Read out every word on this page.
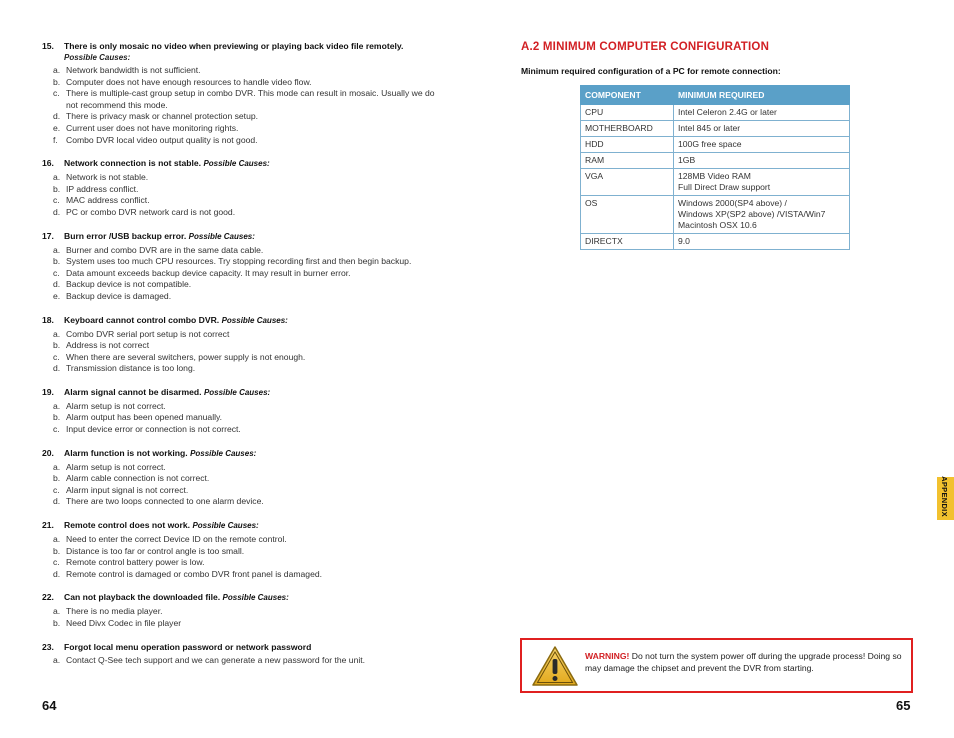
15. There is only mosaic no video when previewing or playing back video file remotely.
Possible Causes:
a. Network bandwidth is not sufficient.
b. Computer does not have enough resources to handle video flow.
c. There is multiple-cast group setup in combo DVR. This mode can result in mosaic. Usually we do not recommend this mode.
d. There is privacy mask or channel protection setup.
e. Current user does not have monitoring rights.
f. Combo DVR local video output quality is not good.
16. Network connection is not stable. Possible Causes:
a. Network is not stable.
b. IP address conflict.
c. MAC address conflict.
d. PC or combo DVR network card is not good.
17. Burn error /USB backup error. Possible Causes:
a. Burner and combo DVR are in the same data cable.
b. System uses too much CPU resources. Try stopping recording first and then begin backup.
c. Data amount exceeds backup device capacity. It may result in burner error.
d. Backup device is not compatible.
e. Backup device is damaged.
18. Keyboard cannot control combo DVR. Possible Causes:
a. Combo DVR serial port setup is not correct
b. Address is not correct
c. When there are several switchers, power supply is not enough.
d. Transmission distance is too long.
19. Alarm signal cannot be disarmed. Possible Causes:
a. Alarm setup is not correct.
b. Alarm output has been opened manually.
c. Input device error or connection is not correct.
20. Alarm function is not working. Possible Causes:
a. Alarm setup is not correct.
b. Alarm cable connection is not correct.
c. Alarm input signal is not correct.
d. There are two loops connected to one alarm device.
21. Remote control does not work. Possible Causes:
a. Need to enter the correct Device ID on the remote control.
b. Distance is too far or control angle is too small.
c. Remote control battery power is low.
d. Remote control is damaged or combo DVR front panel is damaged.
22. Can not playback the downloaded file. Possible Causes:
a. There is no media player.
b. Need Divx Codec in file player
23. Forgot local menu operation password or network password
a. Contact Q-See tech support and we can generate a new password for the unit.
64	65
A.2 MINIMUM COMPUTER CONFIGURATION
Minimum required configuration of a PC for remote connection:
COMPONENT	MINIMUM REQUIRED
CPU	Intel Celeron 2.4G or later

MOTHERBOARD	Intel 845 or later

HDD	100G free space

RAM	1GB

VGA	128MB Video RAM
Full Direct Draw support

OS	Windows 2000(SP4 above) /
Windows XP(SP2 above) /VISTA/Win7
Macintosh OSX 10.6

DIRECTX	9.0
APPENDIX
WARNING! Do not turn the system power off during the upgrade process! Doing so may damage the chipset and prevent the DVR from starting.
